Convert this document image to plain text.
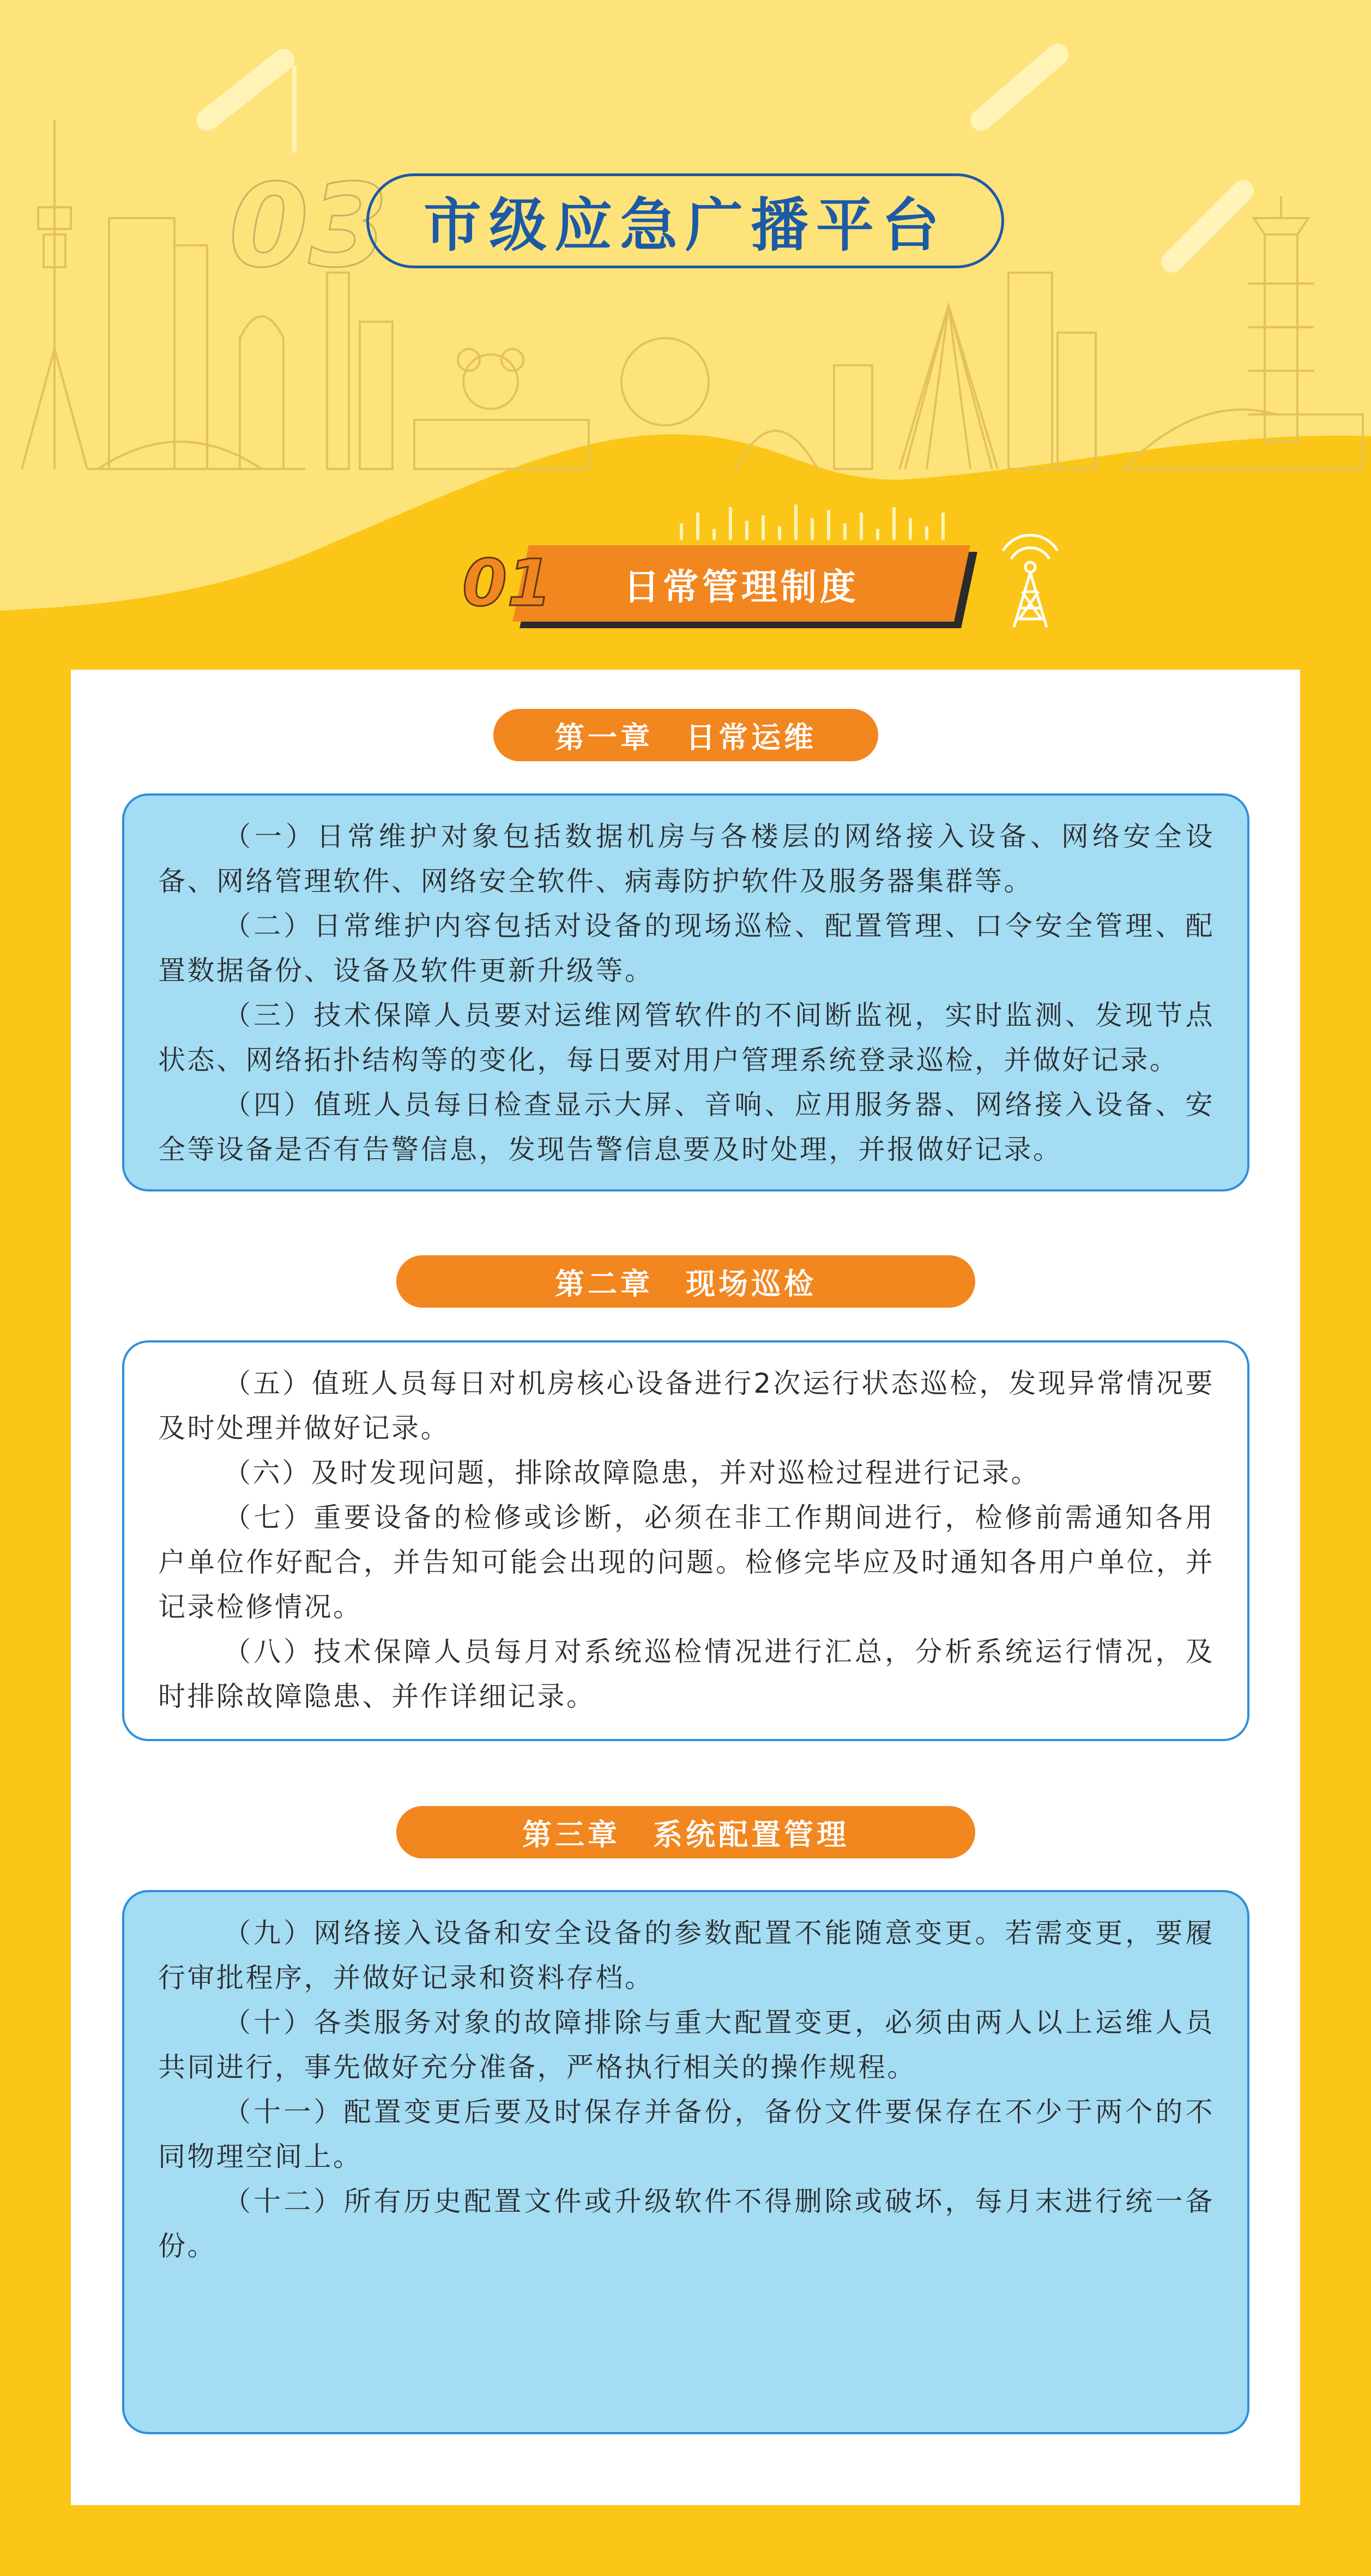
03 市级应急广播平台
日常管理制度
01
第一章　日常运维

（一）日常维护对象包括数据机房与各楼层的网络接入设备、网络安全设备、网络管理软件、网络安全软件、病毒防护软件及服务器集群等。

（二）日常维护内容包括对设备的现场巡检、配置管理、口令安全管理、配置数据备份、设备及软件更新升级等。

（三）技术保障人员要对运维网管软件的不间断监视，实时监测、发现节点状态、网络拓扑结构等的变化，每日要对用户管理系统登录巡检，并做好记录。

（四）值班人员每日检查显示大屏、音响、应用服务器、网络接入设备、安全等设备是否有告警信息，发现告警信息要及时处理，并报做好记录。

第二章　现场巡检

（五）值班人员每日对机房核心设备进行2次运行状态巡检，发现异常情况要及时处理并做好记录。

（六）及时发现问题，排除故障隐患，并对巡检过程进行记录。

（七）重要设备的检修或诊断，必须在非工作期间进行，检修前需通知各用户单位作好配合，并告知可能会出现的问题。检修完毕应及时通知各用户单位，并记录检修情况。

（八）技术保障人员每月对系统巡检情况进行汇总，分析系统运行情况，及时排除故障隐患、并作详细记录。

第三章　系统配置管理

（九）网络接入设备和安全设备的参数配置不能随意变更。若需变更，要履行审批程序，并做好记录和资料存档。

（十）各类服务对象的故障排除与重大配置变更，必须由两人以上运维人员共同进行，事先做好充分准备，严格执行相关的操作规程。

（十一）配置变更后要及时保存并备份，备份文件要保存在不少于两个的不同物理空间上。

（十二）所有历史配置文件或升级软件不得删除或破坏，每月末进行统一备份。
